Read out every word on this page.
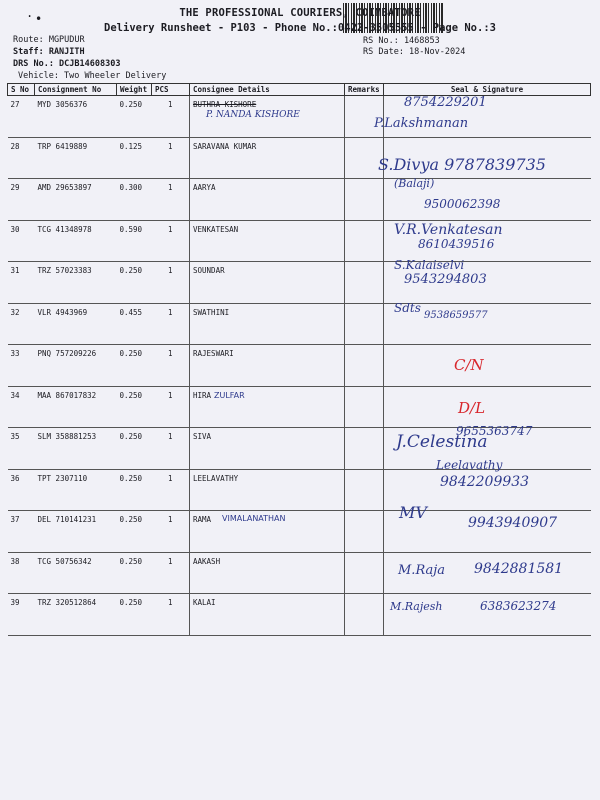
. •	THE PROFESSIONAL COURIERS, COIMBATORE
Delivery Runsheet - P103 - Phone No.:0422-3505555 - Page No.:3
Route: MGPUDUR
Staff: RANJITH
DRS No.: DCJB14608303
Vehicle: Two Wheeler Delivery
RS No.: 1468853
RS Date: 18-Nov-2024
S No	Consignment No	Weight	PCS	Consignee Details	Remarks	Seal & Signature
27	MYD 3056376	0.250	1	BUTHRA KISHORE
P. NANDA KISHORE		8754229201
P.Lakshmanan

28	TRP 6419889	0.125	1	SARAVANA KUMAR		S.Divya 9787839735

29	AMD 29653897	0.300	1	AARYA		(Balaji)
9500062398

30	TCG 41348978	0.590	1	VENKATESAN		V.R.Venkatesan
8610439516

31	TRZ 57023383	0.250	1	SOUNDAR		S.Kalaiselvi
9543294803

32	VLR 4943969	0.455	1	SWATHINI		Sdts
9538659577

33	PNQ 757209226	0.250	1	RAJESWARI		C/N

34	MAA 867017832	0.250	1	HIRA ZULFAR		D/L

35	SLM 358881253	0.250	1	SIVA		9655363747
J.Celestina

36	TPT 2307110	0.250	1	LEELAVATHY		Leelavathy
9842209933

37	DEL 710141231	0.250	1	RAMA VIMALANATHAN		MV
9943940907

38	TCG 50756342	0.250	1	AAKASH		M.Raja 9842881581

39	TRZ 320512864	0.250	1	KALAI		M.Rajesh 6383623274
